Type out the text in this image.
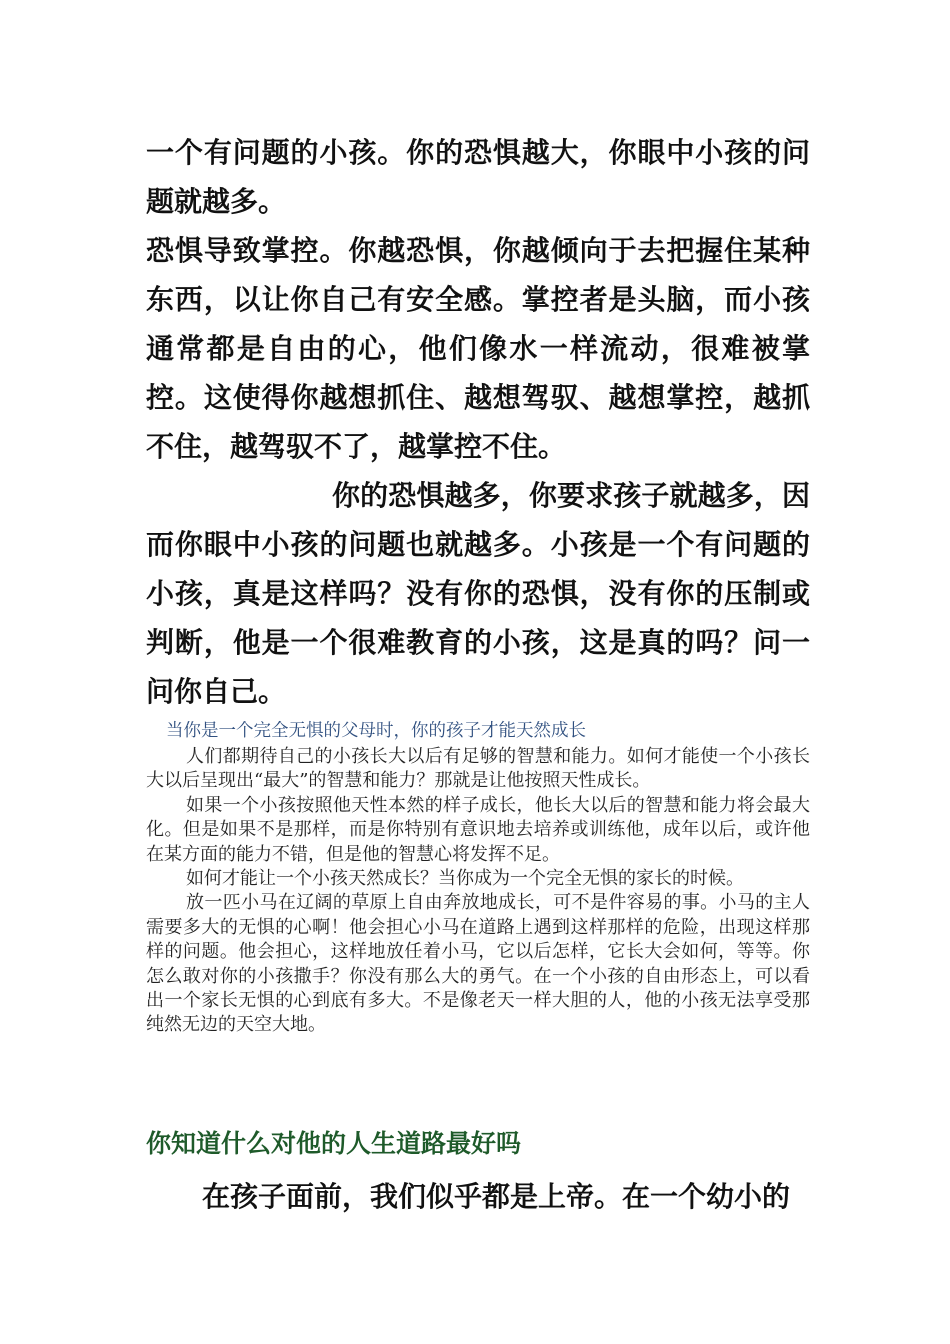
一个有问题的小孩。你的恐惧越大，你眼中小孩的问题就越多。

恐惧导致掌控。你越恐惧，你越倾向于去把握住某种东西，以让你自己有安全感。掌控者是头脑，而小孩通常都是自由的心，他们像水一样流动，很难被掌控。这使得你越想抓住、越想驾驭、越想掌控，越抓不住，越驾驭不了，越掌控不住。

你的恐惧越多，你要求孩子就越多，因而你眼中小孩的问题也就越多。小孩是一个有问题的小孩，真是这样吗？没有你的恐惧，没有你的压制或判断，他是一个很难教育的小孩，这是真的吗？问一问你自己。

当你是一个完全无惧的父母时，你的孩子才能天然成长

人们都期待自己的小孩长大以后有足够的智慧和能力。如何才能使一个小孩长大以后呈现出“最大”的智慧和能力？那就是让他按照天性成长。

如果一个小孩按照他天性本然的样子成长，他长大以后的智慧和能力将会最大化。但是如果不是那样，而是你特别有意识地去培养或训练他，成年以后，或许他在某方面的能力不错，但是他的智慧心将发挥不足。

如何才能让一个小孩天然成长？当你成为一个完全无惧的家长的时候。

放一匹小马在辽阔的草原上自由奔放地成长，可不是件容易的事。小马的主人需要多大的无惧的心啊！他会担心小马在道路上遇到这样那样的危险，出现这样那样的问题。他会担心，这样地放任着小马，它以后怎样，它长大会如何，等等。你怎么敢对你的小孩撒手？你没有那么大的勇气。在一个小孩的自由形态上，可以看出一个家长无惧的心到底有多大。不是像老天一样大胆的人，他的小孩无法享受那纯然无边的天空大地。

你知道什么对他的人生道路最好吗

在孩子面前，我们似乎都是上帝。在一个幼小的
